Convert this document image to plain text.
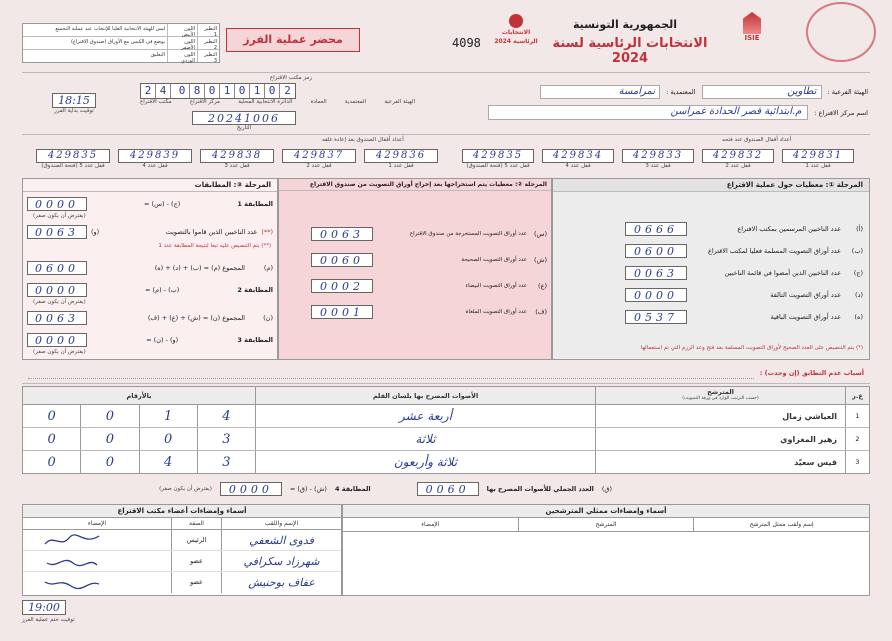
النظير 1
اللون الأبيض
ليس للهيئة الانتخابية العليا للإنتخاب عند عملية التجميع
النظير 2
اللون الأصفر
يوضع في الكيس مع الأوراق (صندوق الاقتراع)
النظير 3
اللون الوردي
التعليق
محضر عملية الفرز	4098
الانتخابات الرئاسية 2024
الجمهورية التونسية
الانتخابات الرئاسية لسنة 2024
ISIE
18:15
توقيت بداية الفرز
رمز مكتب الاقتراع
2 4	0 8 0 1 0 1 0 2
الهيئة الفرعية
المعتمدية
العمادة
الدائرة الانتخابية المحلية
مركز الاقتراع
مكتب الاقتراع
20241006
التاريخ
الهيئة الفرعية :
تطاوين
المعتمدية :
نمرامسة
اسم مركز الاقتراع :
م.ابتدائية قصر الحدادة غمراسن
أعداد أقفال الصندوق بعد إعادة غلقه	أعداد أقفال الصندوق عند فتحه
429835
قفل عدد 5 (فتحة الصندوق)
429839
قفل عدد 4
429838
قفل عدد 3
429837
قفل عدد 2
429836
قفل عدد 1
429835
قفل عدد 5 (فتحة الصندوق)
429834
قفل عدد 4
429833
قفل عدد 3
429832
قفل عدد 2
429831
قفل عدد 1
المرحلة ①: معطيات حول عملية الاقتراع
(أ)
عدد الناخبين المرسمين بمكتب الاقتراع
0666
(ب)
عدد أوراق التصويت المسلمة فعليا لمكتب الاقتراع
0600
(ج)
عدد الناخبين الذين أمضوا في قائمة الناخبين
0063
(د)
عدد أوراق التصويت التالفة
0000
(ه)
عدد أوراق التصويت الباقية
0537
(*) يتم التنصيص على العدد الصحيح لأوراق التصويت المسلمة بعد فتح وعد الرزم التي تم استعمالها
المرحلة ②: معطيات يتم استخراجها بعد إخراج أوراق التصويت من صندوق الاقتراع
(س)
عدد أوراق التصويت المستخرجة من صندوق الاقتراع
0063
(ش)
عدد أوراق التصويت الصحيحة
0060
(ع)
عدد أوراق التصويت البيضاء
0002
(ف)
عدد أوراق التصويت الملغاة
0001
المرحلة ③: المطابقات
المطابقة 1
(ج) - (س) =
0000
(يفترض أن يكون صفر)
(**)
عدد الناخبين الذين قاموا بالتصويت
(و)
0063
(**) يتم التنصيص عليه تبعا لنتيجة المطابقة عدد 1
(م)
المجموع (م) = (ب) + (د) + (ه)
0600
المطابقة 2
(ب) - (م) =
0000
(يفترض أن يكون صفر)
(ن)
المجموع (ن) = (ش) + (ع) + (ف)
0063
المطابقة 3
(و) - (ن) =
0000
(يفترض أن يكون صفر)
أسباب عدم التطابق (إن وجدت) :
ع.ر
المترشح
(حسب الترتيب الوارد في ورقة التصويت)
الأصوات المصرح بها بلسان القلم
بالأرقام
1
العياشي زمال
أربعة عشر
0	0	1	4
2
زهير المغزاوي
ثلاثة
0	0	0	3
3
قيس سعيّد
ثلاثة وأربعون
0	0	4	3
(ق)
العدد الجملي للأصوات المصرح بها
0060
المطابقة 4
(ش) - (ق) =
0000
(يفترض أن يكون صفر)
أسماء وإمضاءات ممثلي المترشحين
إسم ولقب ممثل المترشح
المترشح
الإمضاء
أسماء وإمضاءات أعضاء مكتب الاقتراع
الإسم واللقب
الصفة
الإمضاء
فدوى الشعفي
الرئيس
شهرزاد سكرافي
عضو
عفاف بوحنيش
عضو
19:00
توقيت ختم عملية الفرز
